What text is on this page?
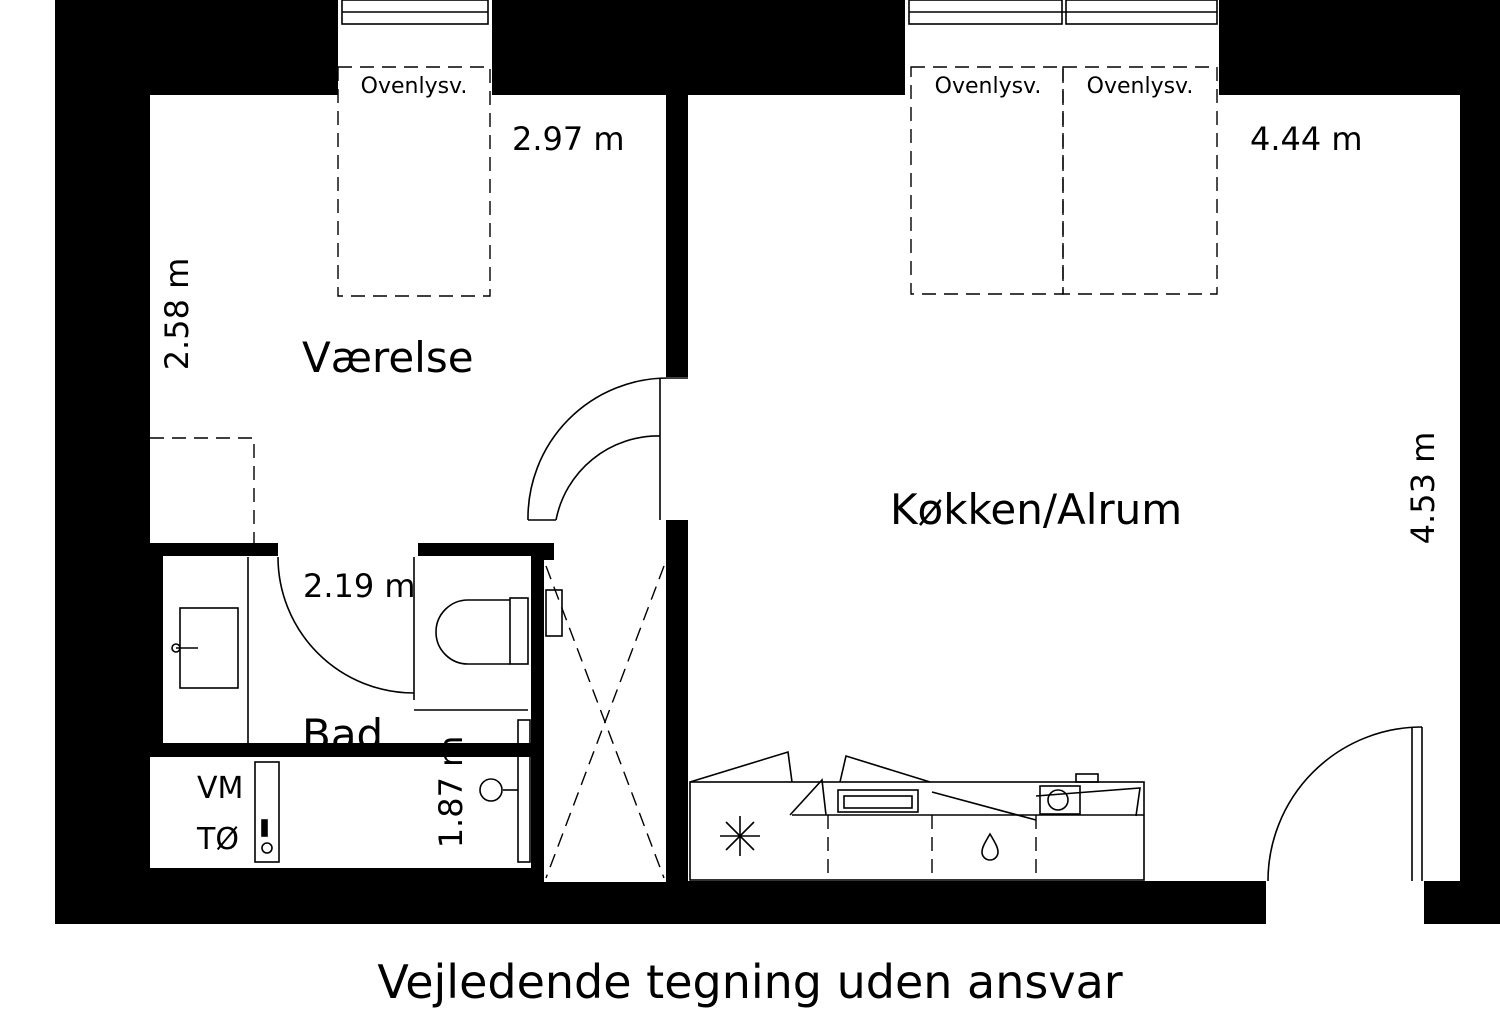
Ovenlysv.	Ovenlysv. Ovenlysv.
2.97 m	4.44 m
2.58 m
4.53 m
2.19 m
1.87 m
Værelse
Køkken/Alrum
Bad
VM
TØ
Vejledende tegning uden ansvar
